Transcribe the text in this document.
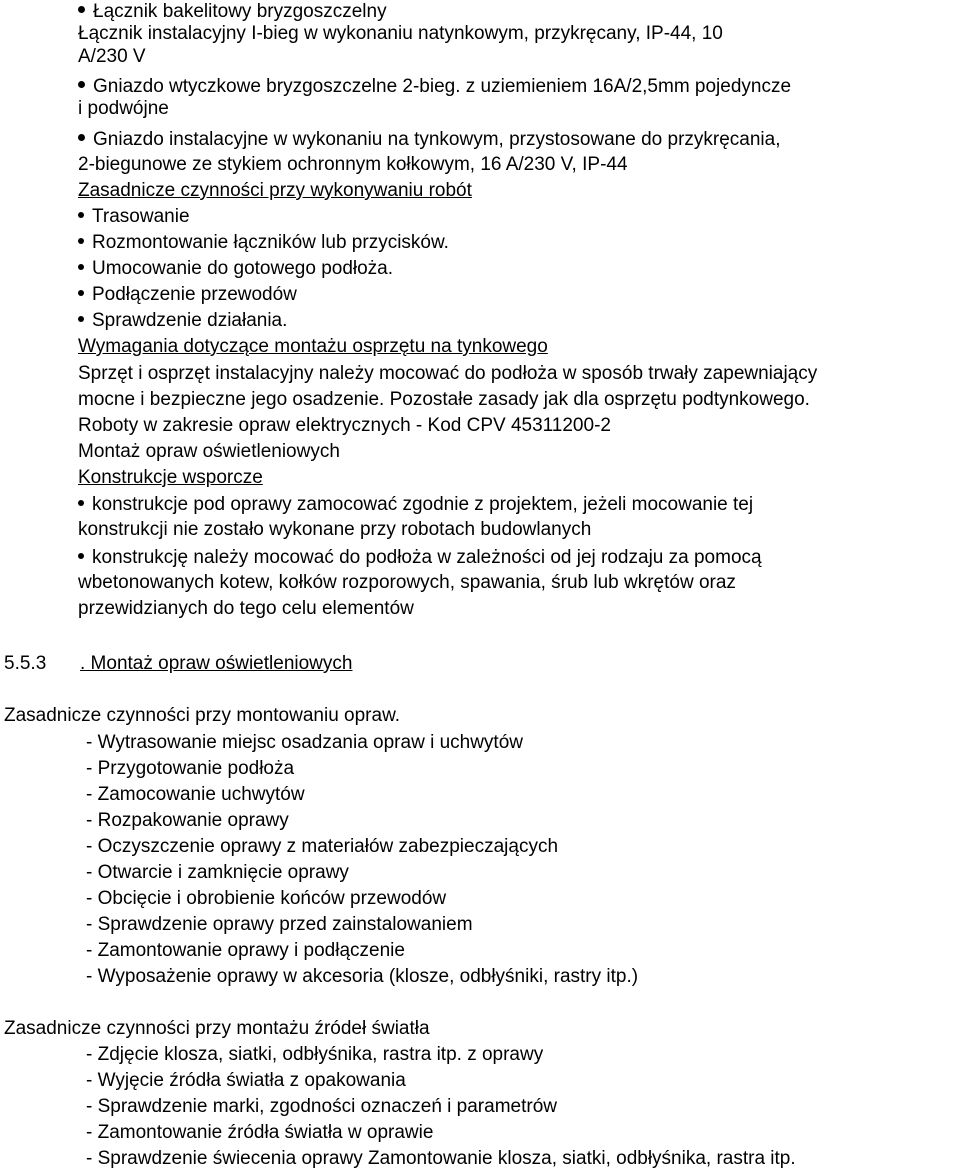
Łącznik bakelitowy bryzgoszczelny
Łącznik instalacyjny I-bieg w wykonaniu natynkowym, przykręcany, IP-44, 10
A/230 V
Gniazdo wtyczkowe bryzgoszczelne 2-bieg. z uziemieniem 16A/2,5mm pojedyncze
i podwójne
Gniazdo instalacyjne w wykonaniu na tynkowym, przystosowane do przykręcania,
2-biegunowe ze stykiem ochronnym kołkowym, 16 A/230 V, IP-44
Zasadnicze czynności przy wykonywaniu robót
Trasowanie
Rozmontowanie łączników lub przycisków.
Umocowanie do gotowego podłoża.
Podłączenie przewodów
Sprawdzenie działania.
Wymagania dotyczące montażu osprzętu na tynkowego
Sprzęt i osprzęt instalacyjny należy mocować do podłoża w sposób trwały zapewniający
mocne i bezpieczne jego osadzenie. Pozostałe zasady jak dla osprzętu podtynkowego.
Roboty w zakresie opraw elektrycznych - Kod CPV 45311200-2
Montaż opraw oświetleniowych
Konstrukcje wsporcze
konstrukcje pod oprawy zamocować zgodnie z projektem, jeżeli mocowanie tej
konstrukcji nie zostało wykonane przy robotach budowlanych
konstrukcję należy mocować do podłoża w zależności od jej rodzaju za pomocą
wbetonowanych kotew, kołków rozporowych, spawania, śrub lub wkrętów oraz
przewidzianych do tego celu elementów
5.5.3 . Montaż opraw oświetleniowych
Zasadnicze czynności przy montowaniu opraw.
- Wytrasowanie miejsc osadzania opraw i uchwytów
- Przygotowanie podłoża
- Zamocowanie uchwytów
- Rozpakowanie oprawy
- Oczyszczenie oprawy z materiałów zabezpieczających
- Otwarcie i zamknięcie oprawy
- Obcięcie i obrobienie końców przewodów
- Sprawdzenie oprawy przed zainstalowaniem
- Zamontowanie oprawy i podłączenie
- Wyposażenie oprawy w akcesoria (klosze, odbłyśniki, rastry itp.)
Zasadnicze czynności przy montażu źródeł światła
- Zdjęcie klosza, siatki, odbłyśnika, rastra itp. z oprawy
- Wyjęcie źródła światła z opakowania
- Sprawdzenie marki, zgodności oznaczeń i parametrów
- Zamontowanie źródła światła w oprawie
- Sprawdzenie świecenia oprawy Zamontowanie klosza, siatki, odbłyśnika, rastra itp.
